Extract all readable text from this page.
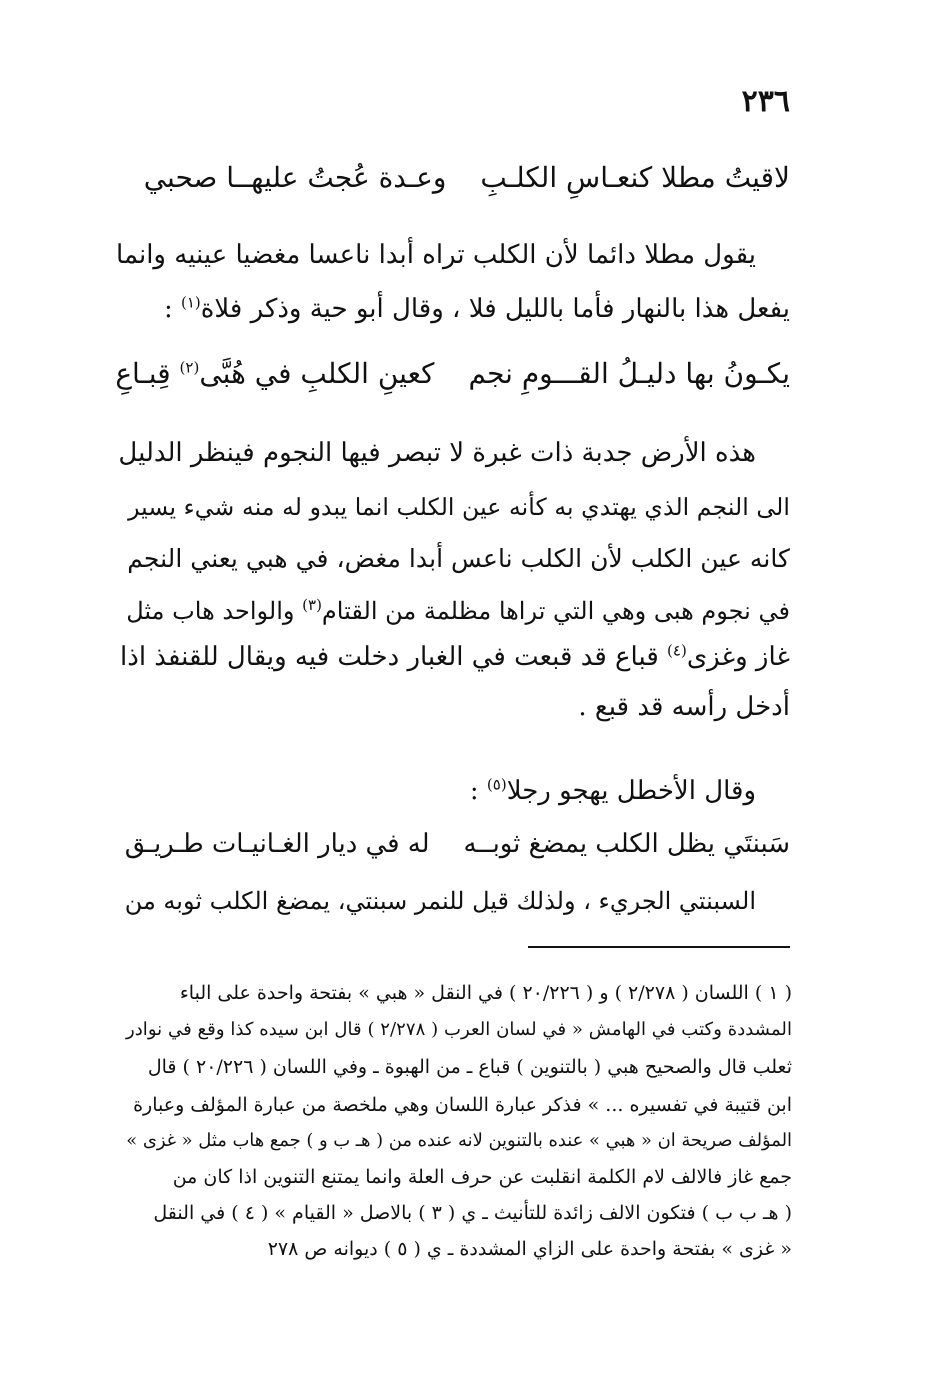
٢٣٦
لاقيتُ مطلا كنعـاسِ الكلـبِوعـدة عُجتُ عليهــا صحبي
يقول مطلا دائما لأن الكلب تراه أبدا ناعسا مغضيا عينيه وانما
يفعل هذا بالنهار فأما بالليل فلا ، وقال أبو حية وذكر فلاة$^{(١)}$ :
يكـونُ بها دليـلُ القـــومِ نجمكعينِ الكلبِ في هُبَّى$^{(٢)}$ قِبـاعِ
هذه الأرض جدبة ذات غبرة لا تبصر فيها النجوم فينظر الدليل
الى النجم الذي يهتدي به كأنه عين الكلب انما يبدو له منه شيء يسير
كانه عين الكلب لأن الكلب ناعس أبدا مغض، في هبي يعني النجم
في نجوم هبى وهي التي تراها مظلمة من القتام$^{(٣)}$ والواحد هاب مثل
غاز وغزى$^{(٤)}$ قباع قد قبعت في الغبار دخلت فيه ويقال للقنفذ اذا
أدخل رأسه قد قبع .
وقال الأخطل يهجو رجلا$^{(٥)}$ :
سَبنتَي يظل الكلب يمضغ ثوبــهله في ديار الغـانيـات طـريـق
السبنتي الجريء ، ولذلك قيل للنمر سبنتي، يمضغ الكلب ثوبه من
( ١ ) اللسان ( ٢/٢٧٨ ) و ( ٢٠/٢٢٦ ) في النقل « هبي » بفتحة واحدة على الباء
المشددة وكتب في الهامش « في لسان العرب ( ٢/٢٧٨ ) قال ابن سيده كذا وقع في نوادر
ثعلب قال والصحيح هبي ( بالتنوين ) قباع ـ من الهبوة ـ وفي اللسان ( ٢٠/٢٢٦ ) قال
ابن قتيبة في تفسيره ... » فذكر عبارة اللسان وهي ملخصة من عبارة المؤلف وعبارة
المؤلف صريحة ان « هبي » عنده بالتنوين لانه عنده من ( هـ ب و ) جمع هاب مثل « غزى »
جمع غاز فالالف لام الكلمة انقلبت عن حرف العلة وانما يمتنع التنوين اذا كان من
( هـ ب ب ) فتكون الالف زائدة للتأنيث ـ ي ( ٣ ) بالاصل « القيام » ( ٤ ) في النقل
« غزى » بفتحة واحدة على الزاي المشددة ـ ي ( ٥ ) ديوانه ص ٢٧٨
